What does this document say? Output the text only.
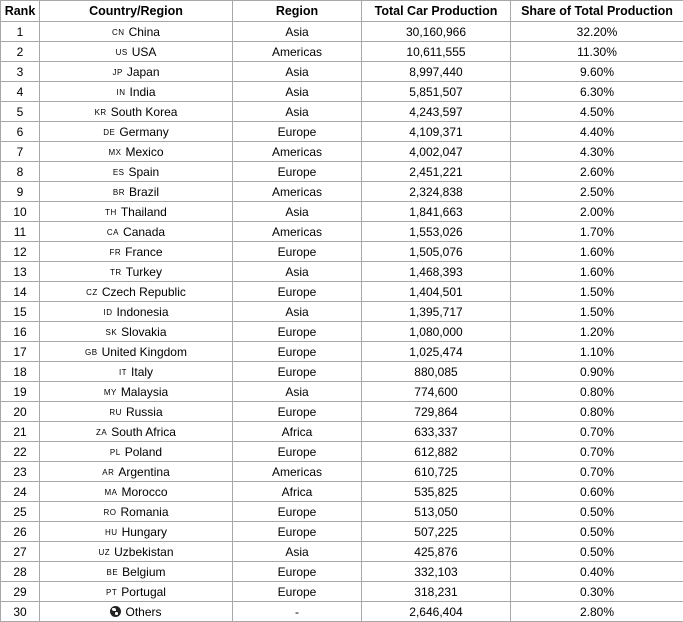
Rank	Country/Region	Region	Total Car Production	Share of Total Production
1	CN China	Asia	30,160,966	32.20%
2	US USA	Americas	10,611,555	11.30%
3	JP Japan	Asia	8,997,440	9.60%
4	IN India	Asia	5,851,507	6.30%
5	KR South Korea	Asia	4,243,597	4.50%
6	DE Germany	Europe	4,109,371	4.40%
7	MX Mexico	Americas	4,002,047	4.30%
8	ES Spain	Europe	2,451,221	2.60%
9	BR Brazil	Americas	2,324,838	2.50%
10	TH Thailand	Asia	1,841,663	2.00%
11	CA Canada	Americas	1,553,026	1.70%
12	FR France	Europe	1,505,076	1.60%
13	TR Turkey	Asia	1,468,393	1.60%
14	CZ Czech Republic	Europe	1,404,501	1.50%
15	ID Indonesia	Asia	1,395,717	1.50%
16	SK Slovakia	Europe	1,080,000	1.20%
17	GB United Kingdom	Europe	1,025,474	1.10%
18	IT Italy	Europe	880,085	0.90%
19	MY Malaysia	Asia	774,600	0.80%
20	RU Russia	Europe	729,864	0.80%
21	ZA South Africa	Africa	633,337	0.70%
22	PL Poland	Europe	612,882	0.70%
23	AR Argentina	Americas	610,725	0.70%
24	MA Morocco	Africa	535,825	0.60%
25	RO Romania	Europe	513,050	0.50%
26	HU Hungary	Europe	507,225	0.50%
27	UZ Uzbekistan	Asia	425,876	0.50%
28	BE Belgium	Europe	332,103	0.40%
29	PT Portugal	Europe	318,231	0.30%
30	Others	-	2,646,404	2.80%
